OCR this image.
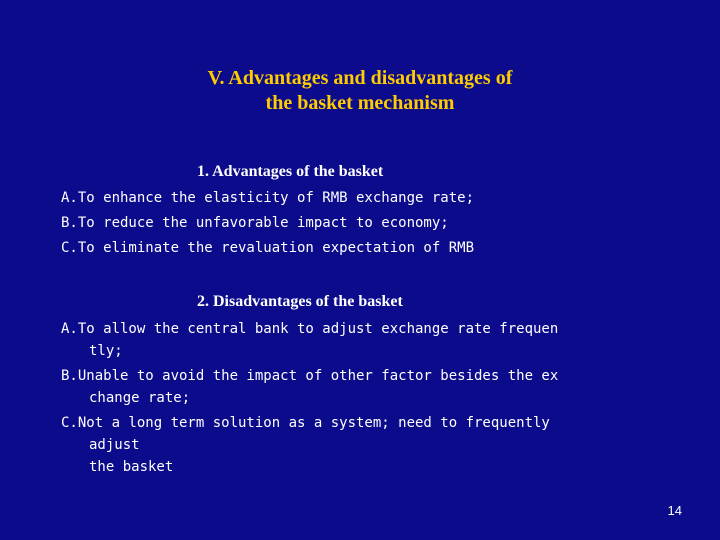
V. Advantages and disadvantages of
the basket mechanism
1. Advantages of the basket
A.To enhance the elasticity of RMB exchange rate;
B.To reduce the unfavorable impact to economy;
C.To eliminate the revaluation expectation of RMB
2. Disadvantages of the basket
A.To allow the central bank to adjust exchange rate frequen
tly;
B.Unable to avoid the impact of other factor besides the ex
change rate;
C.Not a long term solution as a system; need to frequently
adjust
the basket
14
